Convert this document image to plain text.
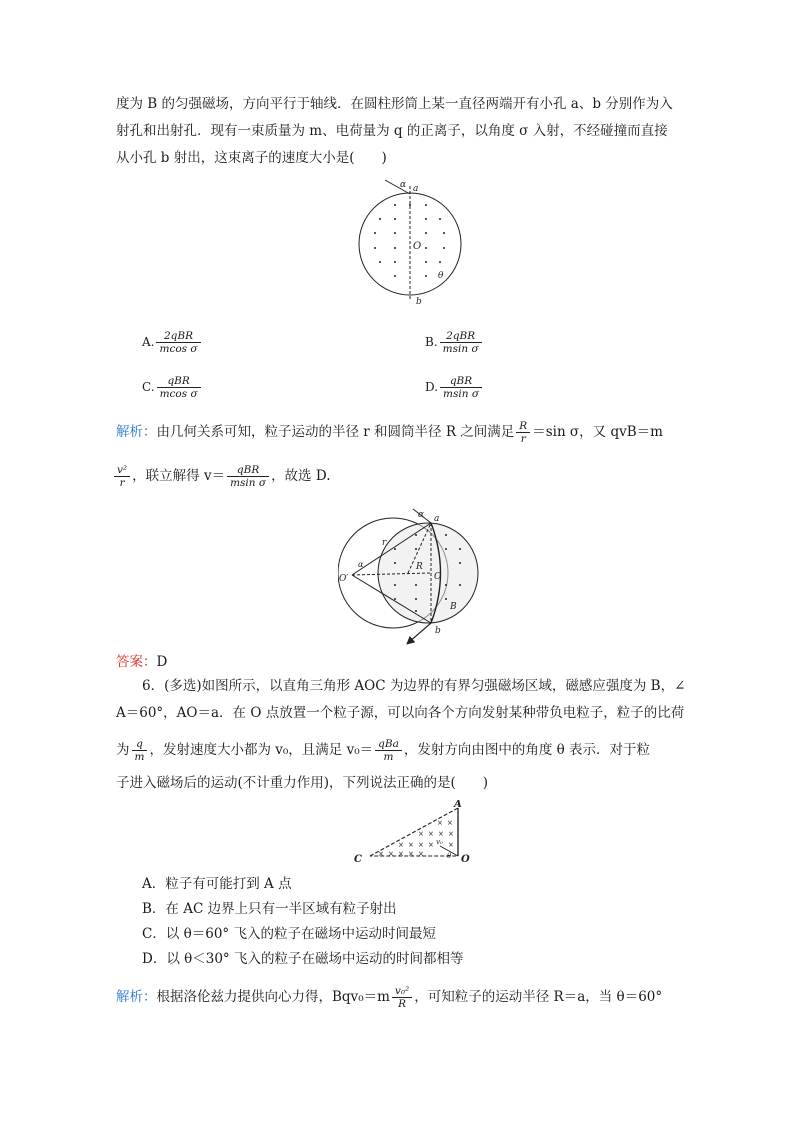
度为 B 的匀强磁场，方向平行于轴线．在圆柱形筒上某一直径两端开有小孔 a、b 分别作为入
射孔和出射孔．现有一束质量为 m、电荷量为 q 的正离子，以角度 σ 入射，不经碰撞而直接
从小孔 b 射出，这束离子的速度大小是(　　)
α a
O
θ
b
A. $\frac{\text{2qBR}}{\text{mcos σ}}$	B. $\frac{\text{2qBR}}{\text{msin σ}}$
C. $\frac{\text{qBR}}{\text{mcos σ}}$	D. $\frac{\text{qBR}}{\text{msin σ}}$
解析：由几何关系可知，粒子运动的半径 r 和圆筒半径 R 之间满足 $\frac{R}{r} =\sin$ σ，又 qvB＝m
$\frac{\text{v²}}{r}$ ，联立解得 $v= \frac{\text{qBR}}{\text{msin σ}}$ ，故选 D.
α a
O′
α
r
R
O
B
b
答案：D
6．(多选)如图所示，以直角三角形 AOC 为边界的有界匀强磁场区域，磁感应强度为 B，∠
A＝60°，AO＝a．在 O 点放置一个粒子源，可以向各个方向发射某种带负电粒子，粒子的比荷
为 $\frac{q}{m}$ ，发射速度大小都为 v₀，且满足 $v_0= \frac{\text{qBa}}{m}$ ，发射方向由图中的角度 θ 表示．对于粒
子进入磁场后的运动(不计重力作用)，下列说法正确的是(　　)
× ×
× × × ×
× × × × ×
× × × × ×
A
C	O
v₀
θ
A．粒子有可能打到 A 点
B．在 AC 边界上只有一半区域有粒子射出
C．以 θ＝60° 飞入的粒子在磁场中运动时间最短
D．以 θ＜30° 飞入的粒子在磁场中运动的时间都相等
解析：根据洛伦兹力提供向心力得，$Bqv_0=m \frac{\text{v₀²}}{R}$ ，可知粒子的运动半径 R＝a，当 θ＝60°
